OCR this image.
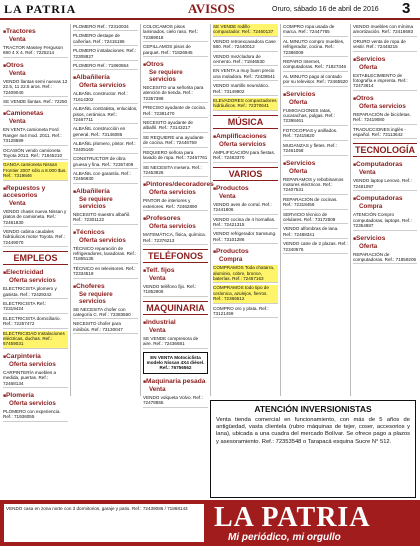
LA PATRIA	AVISOS	Oruro, sábado 16 de abril de 2016 3
■ Tractores
Venta
TRACTOR Massey Ferguson 690 4 X 4. Ref.: 7225214
■ Otros
Venta
VENDO llantas semi nuevas 12 22.5, 11 22.5 aros. Ref.: 72409040
SE VENDE llantas. Ref.: 72250
■ Camionetas
Venta
EN VENTA camioneta Ford Ranger 4x4 mod. 2011. Ref.: 73128689
OCASIÓN vendo camioneta Toyota 2013. Ref.: 71845210
GANGA camioneta Nissan Frontier 2007 sólo a 8.000 $us. Ref.: 7319846
■ Repuestos y accesorios
Venta
VENDO chasis nueva Nissan y platos de camioneta. Ref.: 72461830
VENDO cabina caudales hidráulicos motor Toyota. Ref.: 72449070
EMPLEOS
■ Electricidad
Oferta servicios
ELECTRICISTA plomero y gasista. Ref.: 72429242
ELECTRICISTA Ref.: 72319424
ELECTRICISTA domiciliario. Ref.: 72257472
ELECTRICIDAD Instalaciones eléctricas, duchas. Ref.: 67459031
■ Carpintería
Oferta servicios
CARPINTERÍA muebles a medida, puertas. Ref.: 72468134
■ Plomería
Oferta servicios
PLOMERO con experiencia. Ref.: 71936055
PLOMERO Ref.: 72310034
PLOMERO destape de cañerías. Ref.: 72415196
PLOMERO instalaciones. Ref.: 72308827
PLOMERO Ref.: 71860554
■ Albañilería
Oferta servicios
ALBAÑIL constructor. Ref.: 71614302
ALBAÑIL contratista, enlucidos, pisos, cerámica. Ref.: 72467711
ALBAÑIL construcción en general. Ref.: 73146085
ALBAÑIL plomero, pintor. Ref.: 72405160
CONSTRUCTOR de obra gruesa y fina. Ref.: 72357409
ALBAÑIL con garantía. Ref.: 72456930
■ Albañilería
Se requiere servicios
NECESITO maestro albañil. Ref.: 72301122
■ Técnicos
Oferta servicios
TÉCNICO reparación de refrigeradores, lavadoras. Ref.: 71865135
TÉCNICO en televisores. Ref.: 72334519
■ Choferes
Se requiere servicios
SE NECESITA chofer con categoría C. Ref.: 72383560
NECESITO chofer para minibús. Ref.: 73130047
COLOCAMOS pisos laminados, cielo raso. Ref.: 72389018
CEPILLAMOS pisos de parquet. Ref.: 71826945
■ Otros
Se requiere servicios
NECESITO una señorita para atención de tienda. Ref.: 72357398
PRECISO ayudante de cocina. Ref.: 72381470
NECESITO ayudante de albañil. Ref.: 73143217
SE REQUIERE una ayudante de cocina. Ref.: 72446759
REQUIERO señora para lavado de ropa. Ref.: 72467761
SE NECESITA mesera. Ref.: 72453826
■ Pintores/decoradores
Oferta servicios
PINTOR de interiores y exteriores. Ref.: 72462890
■ Profesores
Oferta servicios
MATEMÁTICA, física, química. Ref.: 72376213
TELÉFONOS
■ Telf. fijos
Venta
VENDO teléfono fijo. Ref.: 71852906
MAQUINARIA
■ Industrial
Venta
SE VENDE compresora de aire. Ref.: 72436681
EN VENTA Motociclista modelo Nissan 4X4 diésel. Ref.: 76756562
■ Maquinaria pesada
Venta
VENDO volqueta Volvo. Ref.: 72478855
SE VENDE rodillo compactador. Ref.: 72460137
VENDO retroexcavadora Case 580. Ref.: 72440012
VENDO mezcladora de cemento. Ref.: 71846530
EN VENTA a muy buen precio una moladora. Ref.: 72439541
VENDO martillo neumático. Ref.: 73149902
ELEVADORES compactadores hidráulicos. Ref.: 72370641
MÚSICA
■ Amplificaciones
Oferta servicios
AMPLIFICACIÓN para fiestas. Ref.: 72483370
VARIOS
■ Productos
Venta
VENDO aves de corral. Ref.: 72441806
VENDO cocina de 4 hornallas. Ref.: 72421315
VENDO refrigerador Samsung. Ref.: 73101286
■ Productos
Compra
COMPRAMOS Toda chatarra, aluminio, cobre, bronce, baterías. Ref.: 72457163
COMPRAMOS todo tipo de cerámica, azulejos, fierros. Ref.: 72366512
COMPRO oro y plata. Ref.: 73121459
COMPRO ropa usada de marca. Ref.: 72447765
AL MINUTO compro muebles, refrigerador, cocina. Ref.: 72386009
REPARO Internet, computadoras. Ref.: 71827346
AL MINUTO pago al contado por su televisor. Ref.: 72465520
■ Servicios
Oferta
FUMIGACIONES ratas, cucarachas, pulgas. Ref.: 72398461
FOTOCOPIAS y anillados. Ref.: 72415620
MUDANZAS y fletes. Ref.: 72461058
■ Servicios
Oferta
REPARAMOS y rebobinamos motores eléctricos. Ref.: 72407531
REPARACIÓN de cocinas. Ref.: 72318456
SERVICIO técnico de celulares. Ref.: 73172509
VENDO alfombras de lana. Ref.: 72488341
VENDO catre de 2 plazas. Ref.: 72340576
VENDO muebles con mínima amortización. Ref.: 72416693
ORURO venta de ropa de vestir. Ref.: 72448215
■ Servicios
Oferta
ESTABLECIMIENTO de fotografía e imprenta. Ref.: 72473614
■ Otros
Oferta servicios
REPARACIÓN de bicicletas. Ref.: 72419080
TRADUCCIONES inglés - español. Ref.: 73113642
TECNOLOGÍA
■ Computadoras
Venta
VENDO laptop Lenovo. Ref.: 72481097
■ Computadoras
Compra
ATENCIÓN Compro computadoras, laptops. Ref.: 72354887
■ Servicios
Oferta
REPARACIÓN de computadoras. Ref.: 71859206
ATENCIÓN INVERSIONISTAS
Venta tienda comercial en funcionamiento, con más de 5 años de antigüedad, vasta clientela (rubro máquinas de tejer, coser, accesorios y lana), ubicada a una cuadra del mercado Bolívar. Se ofrece pago a plazos y asesoramiento. Ref.: 72353548 o Tarapacá esquina Sucre N° 512.
VENDO casa en zona norte con 3 dormitorios, garaje y patio. Ref.: 72439086 / 71868143 LA PATRIA
Mi periódico, mi orgullo
